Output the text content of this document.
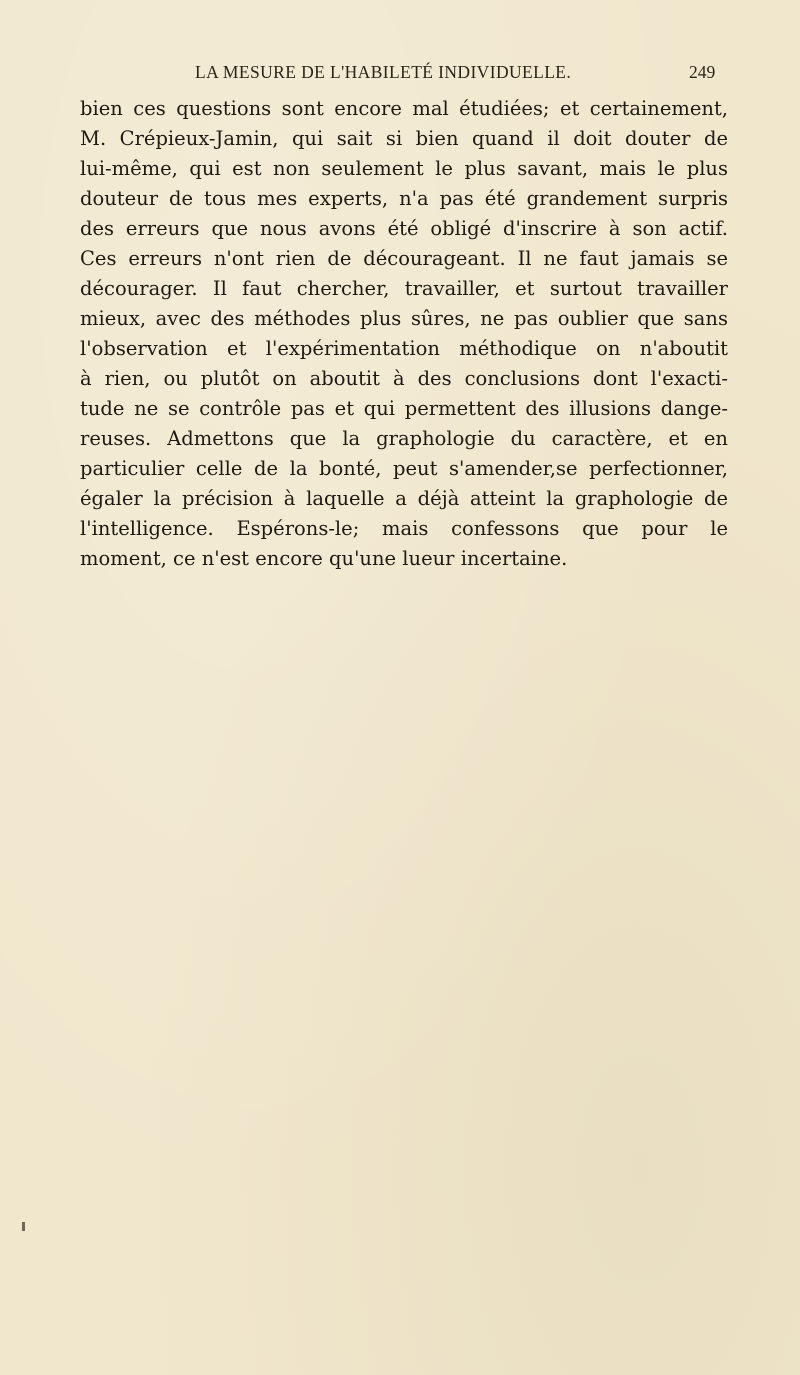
LA MESURE DE L'HABILETÉ INDIVIDUELLE.	249
bien ces questions sont encore mal étudiées; et certainement,
M. Crépieux-Jamin, qui sait si bien quand il doit douter de
lui-même, qui est non seulement le plus savant, mais le plus
douteur de tous mes experts, n'a pas été grandement surpris
des erreurs que nous avons été obligé d'inscrire à son actif.
Ces erreurs n'ont rien de décourageant. Il ne faut jamais se
décourager. Il faut chercher, travailler, et surtout travailler
mieux, avec des méthodes plus sûres, ne pas oublier que sans
l'observation et l'expérimentation méthodique on n'aboutit
à rien, ou plutôt on aboutit à des conclusions dont l'exacti-
tude ne se contrôle pas et qui permettent des illusions dange-
reuses. Admettons que la graphologie du caractère, et en
particulier celle de la bonté, peut s'amender,se perfectionner,
égaler la précision à laquelle a déjà atteint la graphologie de
l'intelligence. Espérons-le; mais confessons que pour le
moment, ce n'est encore qu'une lueur incertaine.
